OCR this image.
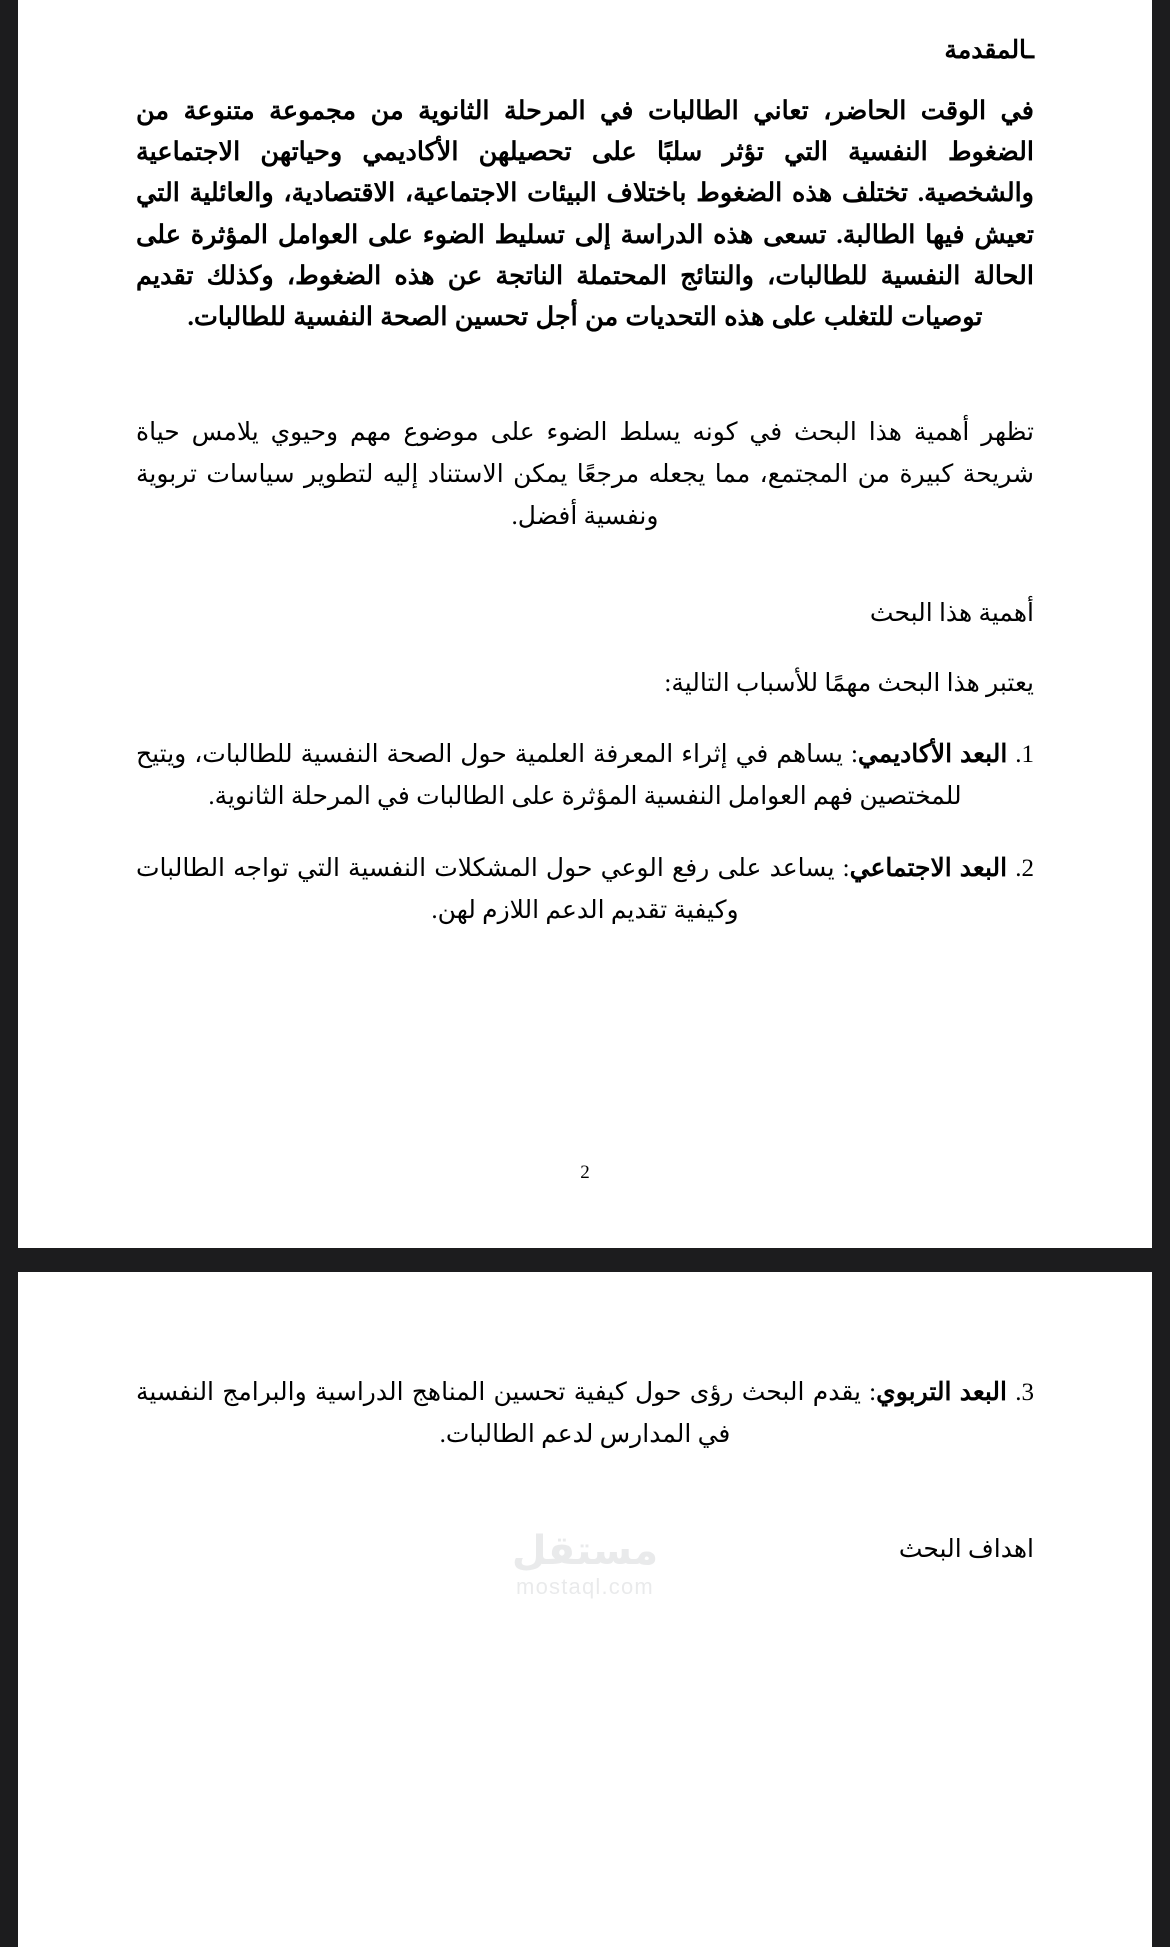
ـالمقدمة

في الوقت الحاضر، تعاني الطالبات في المرحلة الثانوية من مجموعة متنوعة من الضغوط النفسية التي تؤثر سلبًا على تحصيلهن الأكاديمي وحياتهن الاجتماعية والشخصية. تختلف هذه الضغوط باختلاف البيئات الاجتماعية، الاقتصادية، والعائلية التي تعيش فيها الطالبة. تسعى هذه الدراسة إلى تسليط الضوء على العوامل المؤثرة على الحالة النفسية للطالبات، والنتائج المحتملة الناتجة عن هذه الضغوط، وكذلك تقديم توصيات للتغلب على هذه التحديات من أجل تحسين الصحة النفسية للطالبات.

تظهر أهمية هذا البحث في كونه يسلط الضوء على موضوع مهم وحيوي يلامس حياة شريحة كبيرة من المجتمع، مما يجعله مرجعًا يمكن الاستناد إليه لتطوير سياسات تربوية ونفسية أفضل.

أهمية هذا البحث

يعتبر هذا البحث مهمًا للأسباب التالية:

1. البعد الأكاديمي: يساهم في إثراء المعرفة العلمية حول الصحة النفسية للطالبات، ويتيح للمختصين فهم العوامل النفسية المؤثرة على الطالبات في المرحلة الثانوية.

2. البعد الاجتماعي: يساعد على رفع الوعي حول المشكلات النفسية التي تواجه الطالبات وكيفية تقديم الدعم اللازم لهن.

2

3. البعد التربوي: يقدم البحث رؤى حول كيفية تحسين المناهج الدراسية والبرامج النفسية في المدارس لدعم الطالبات.

اهداف البحث

مستقل
mostaql.com
